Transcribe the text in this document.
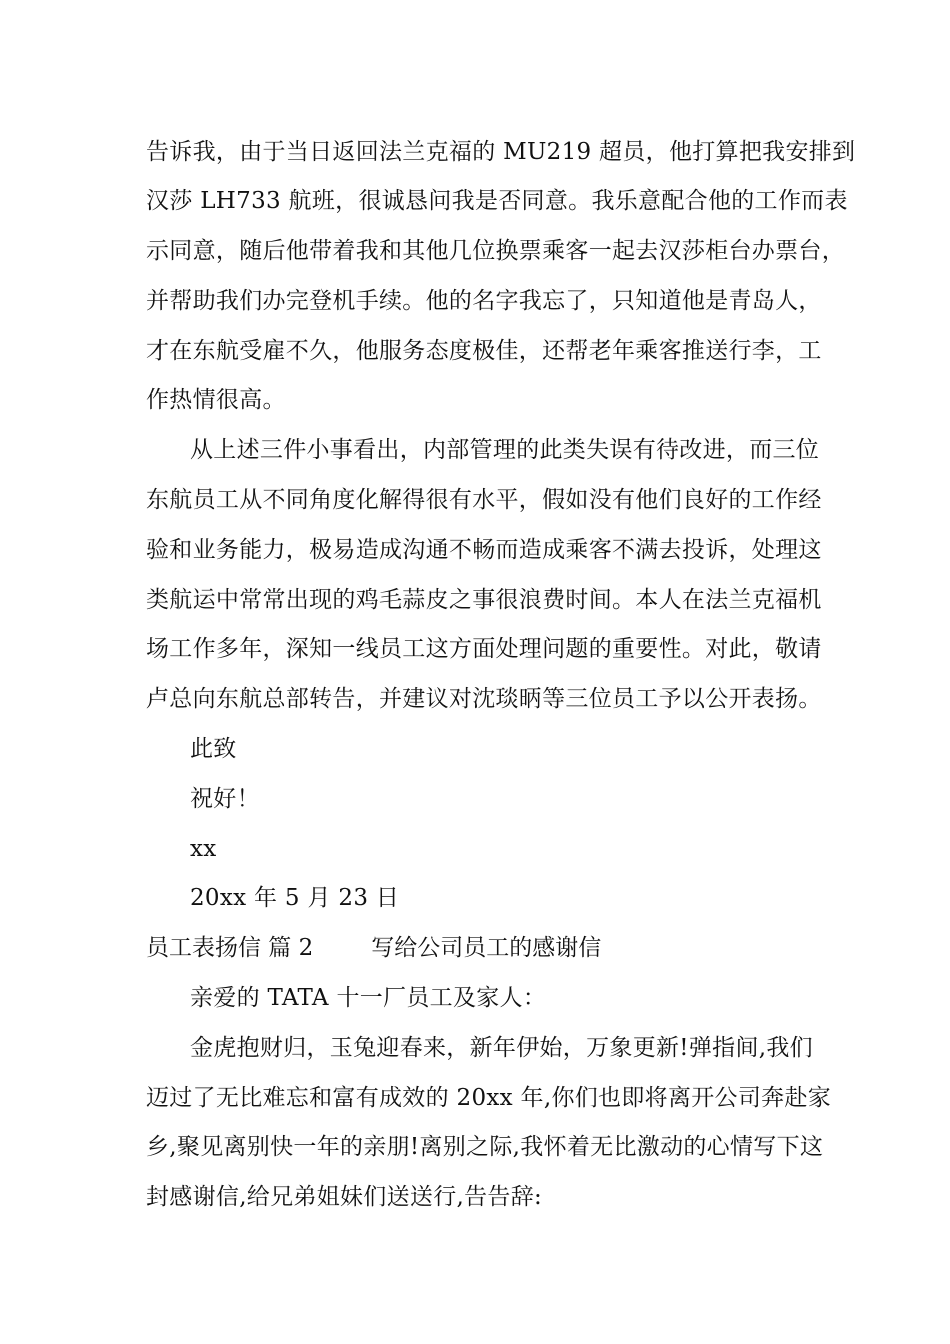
告诉我，由于当日返回法兰克福的 MU219 超员，他打算把我安排到
汉莎 LH733 航班，很诚恳问我是否同意。我乐意配合他的工作而表
示同意，随后他带着我和其他几位换票乘客一起去汉莎柜台办票台，
并帮助我们办完登机手续。他的名字我忘了，只知道他是青岛人，
才在东航受雇不久，他服务态度极佳，还帮老年乘客推送行李，工
作热情很高。
从上述三件小事看出，内部管理的此类失误有待改进，而三位
东航员工从不同角度化解得很有水平，假如没有他们良好的工作经
验和业务能力，极易造成沟通不畅而造成乘客不满去投诉，处理这
类航运中常常出现的鸡毛蒜皮之事很浪费时间。本人在法兰克福机
场工作多年，深知一线员工这方面处理问题的重要性。对此，敬请
卢总向东航总部转告，并建议对沈琰昞等三位员工予以公开表扬。
此致
祝好！
xx
20xx 年 5 月 23 日
员工表扬信 篇 2	写给公司员工的感谢信
亲爱的 TATA 十一厂员工及家人：
金虎抱财归，玉兔迎春来，新年伊始，万象更新!弹指间,我们
迈过了无比难忘和富有成效的 20xx 年,你们也即将离开公司奔赴家
乡,聚见离别快一年的亲朋!离别之际,我怀着无比激动的心情写下这
封感谢信,给兄弟姐妹们送送行,告告辞:
